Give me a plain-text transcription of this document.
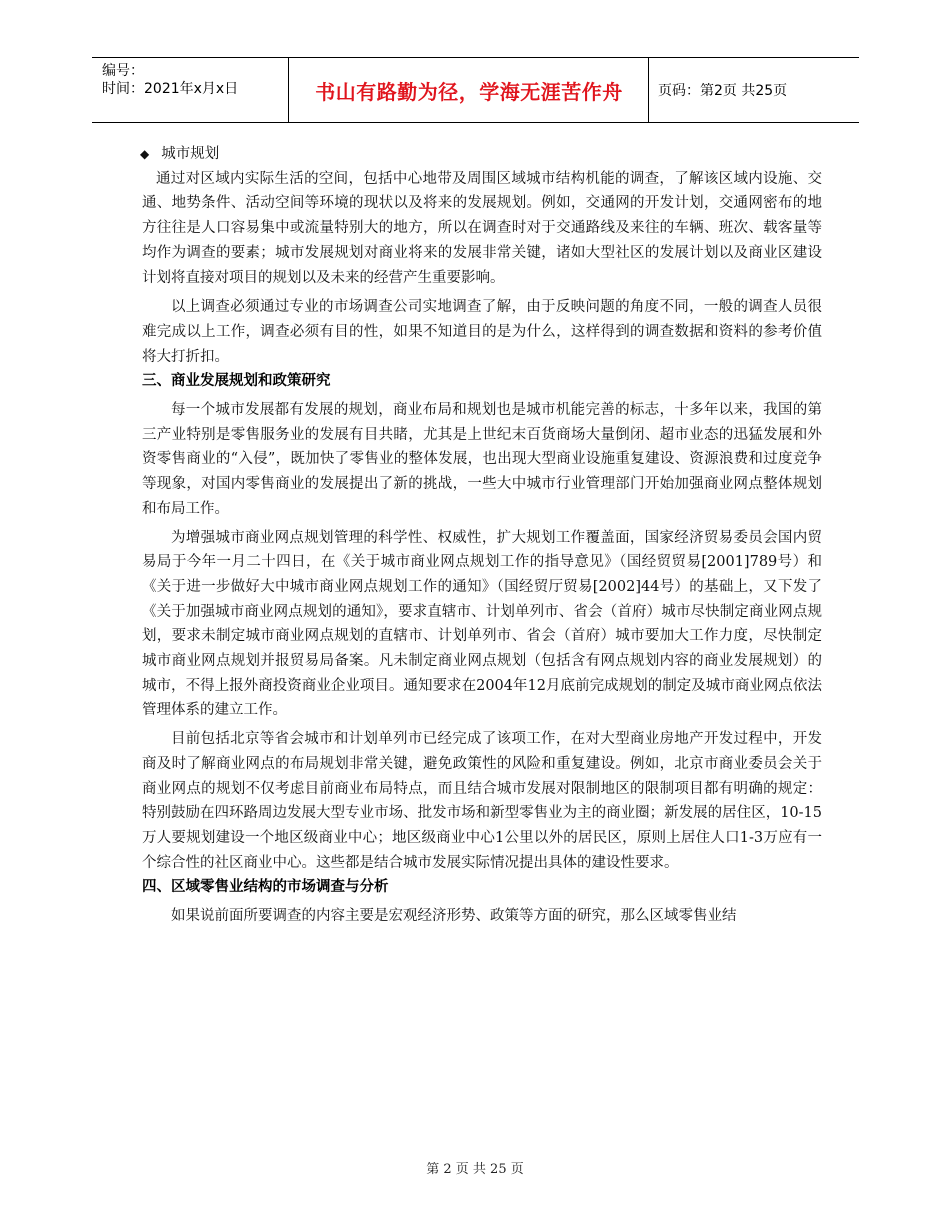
编号：
时间：2021年x月x日	书山有路勤为径，学海无涯苦作舟	页码：第2页 共25页

◆ 城市规划

通过对区域内实际生活的空间，包括中心地带及周围区域城市结构机能的调查，了解该区域内设施、交通、地势条件、活动空间等环境的现状以及将来的发展规划。例如，交通网的开发计划，交通网密布的地方往往是人口容易集中或流量特别大的地方，所以在调查时对于交通路线及来往的车辆、班次、载客量等均作为调查的要素；城市发展规划对商业将来的发展非常关键，诸如大型社区的发展计划以及商业区建设计划将直接对项目的规划以及未来的经营产生重要影响。

以上调查必须通过专业的市场调查公司实地调查了解，由于反映问题的角度不同，一般的调查人员很难完成以上工作，调查必须有目的性，如果不知道目的是为什么，这样得到的调查数据和资料的参考价值将大打折扣。

三、商业发展规划和政策研究

每一个城市发展都有发展的规划，商业布局和规划也是城市机能完善的标志，十多年以来，我国的第三产业特别是零售服务业的发展有目共睹，尤其是上世纪末百货商场大量倒闭、超市业态的迅猛发展和外资零售商业的“入侵”，既加快了零售业的整体发展，也出现大型商业设施重复建设、资源浪费和过度竞争等现象，对国内零售商业的发展提出了新的挑战，一些大中城市行业管理部门开始加强商业网点整体规划和布局工作。

为增强城市商业网点规划管理的科学性、权威性，扩大规划工作覆盖面，国家经济贸易委员会国内贸易局于今年一月二十四日，在《关于城市商业网点规划工作的指导意见》（国经贸贸易[2001]789号）和《关于进一步做好大中城市商业网点规划工作的通知》（国经贸厅贸易[2002]44号）的基础上，又下发了《关于加强城市商业网点规划的通知》，要求直辖市、计划单列市、省会（首府）城市尽快制定商业网点规划，要求未制定城市商业网点规划的直辖市、计划单列市、省会（首府）城市要加大工作力度，尽快制定城市商业网点规划并报贸易局备案。凡未制定商业网点规划（包括含有网点规划内容的商业发展规划）的城市，不得上报外商投资商业企业项目。通知要求在2004年12月底前完成规划的制定及城市商业网点依法管理体系的建立工作。

目前包括北京等省会城市和计划单列市已经完成了该项工作，在对大型商业房地产开发过程中，开发商及时了解商业网点的布局规划非常关键，避免政策性的风险和重复建设。例如，北京市商业委员会关于商业网点的规划不仅考虑目前商业布局特点，而且结合城市发展对限制地区的限制项目都有明确的规定：特别鼓励在四环路周边发展大型专业市场、批发市场和新型零售业为主的商业圈；新发展的居住区，10-15万人要规划建设一个地区级商业中心；地区级商业中心1公里以外的居民区，原则上居住人口1-3万应有一个综合性的社区商业中心。这些都是结合城市发展实际情况提出具体的建设性要求。

四、区域零售业结构的市场调查与分析

如果说前面所要调查的内容主要是宏观经济形势、政策等方面的研究，那么区域零售业结

第 2 页 共 25 页
